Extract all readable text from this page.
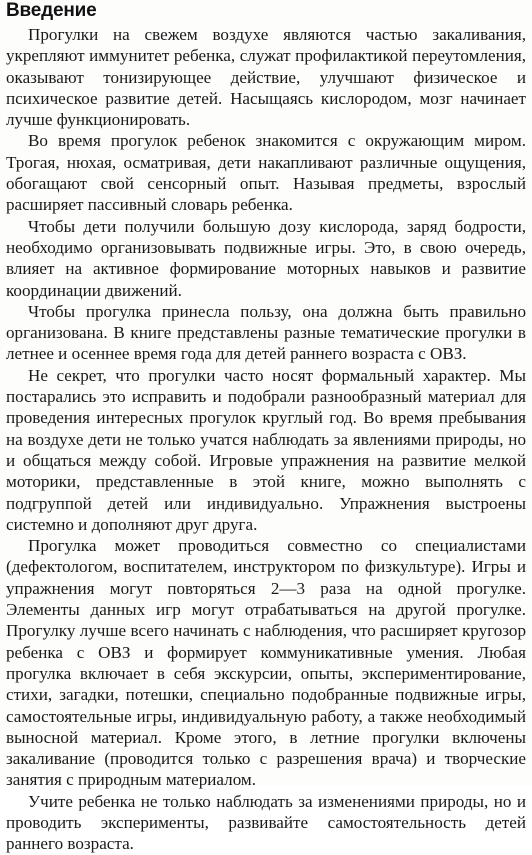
Введение

Прогулки на свежем воздухе являются частью закаливания, укрепляют иммунитет ребенка, служат профилактикой переутомления, оказывают тонизирующее действие, улучшают физическое и психическое развитие детей. Насыщаясь кислородом, мозг начинает лучше функционировать.

Во время прогулок ребенок знакомится с окружающим миром. Трогая, нюхая, осматривая, дети накапливают различные ощущения, обогащают свой сенсорный опыт. Называя предметы, взрослый расширяет пассивный словарь ребенка.

Чтобы дети получили большую дозу кислорода, заряд бодрости, необходимо организовывать подвижные игры. Это, в свою очередь, влияет на активное формирование моторных навыков и развитие координации движений.

Чтобы прогулка принесла пользу, она должна быть правильно организована. В книге представлены разные тематические прогулки в летнее и осеннее время года для детей раннего возраста с ОВЗ.

Не секрет, что прогулки часто носят формальный характер. Мы постарались это исправить и подобрали разнообразный материал для проведения интересных прогулок круглый год. Во время пребывания на воздухе дети не только учатся наблюдать за явлениями природы, но и общаться между собой. Игровые упражнения на развитие мелкой моторики, представленные в этой книге, можно выполнять с подгруппой детей или индивидуально. Упражнения выстроены системно и дополняют друг друга.

Прогулка может проводиться совместно со специалистами (дефектологом, воспитателем, инструктором по физкультуре). Игры и упражнения могут повторяться 2—3 раза на одной прогулке. Элементы данных игр могут отрабатываться на другой прогулке. Прогулку лучше всего начинать с наблюдения, что расширяет кругозор ребенка с ОВЗ и формирует коммуникативные умения. Любая прогулка включает в себя экскурсии, опыты, экспериментирование, стихи, загадки, потешки, специально подобранные подвижные игры, самостоятельные игры, индивидуальную работу, а также необходимый выносной материал. Кроме этого, в летние прогулки включены закаливание (проводится только с разрешения врача) и творческие занятия с природным материалом.

Учите ребенка не только наблюдать за изменениями природы, но и проводить эксперименты, развивайте самостоятельность детей раннего возраста.
